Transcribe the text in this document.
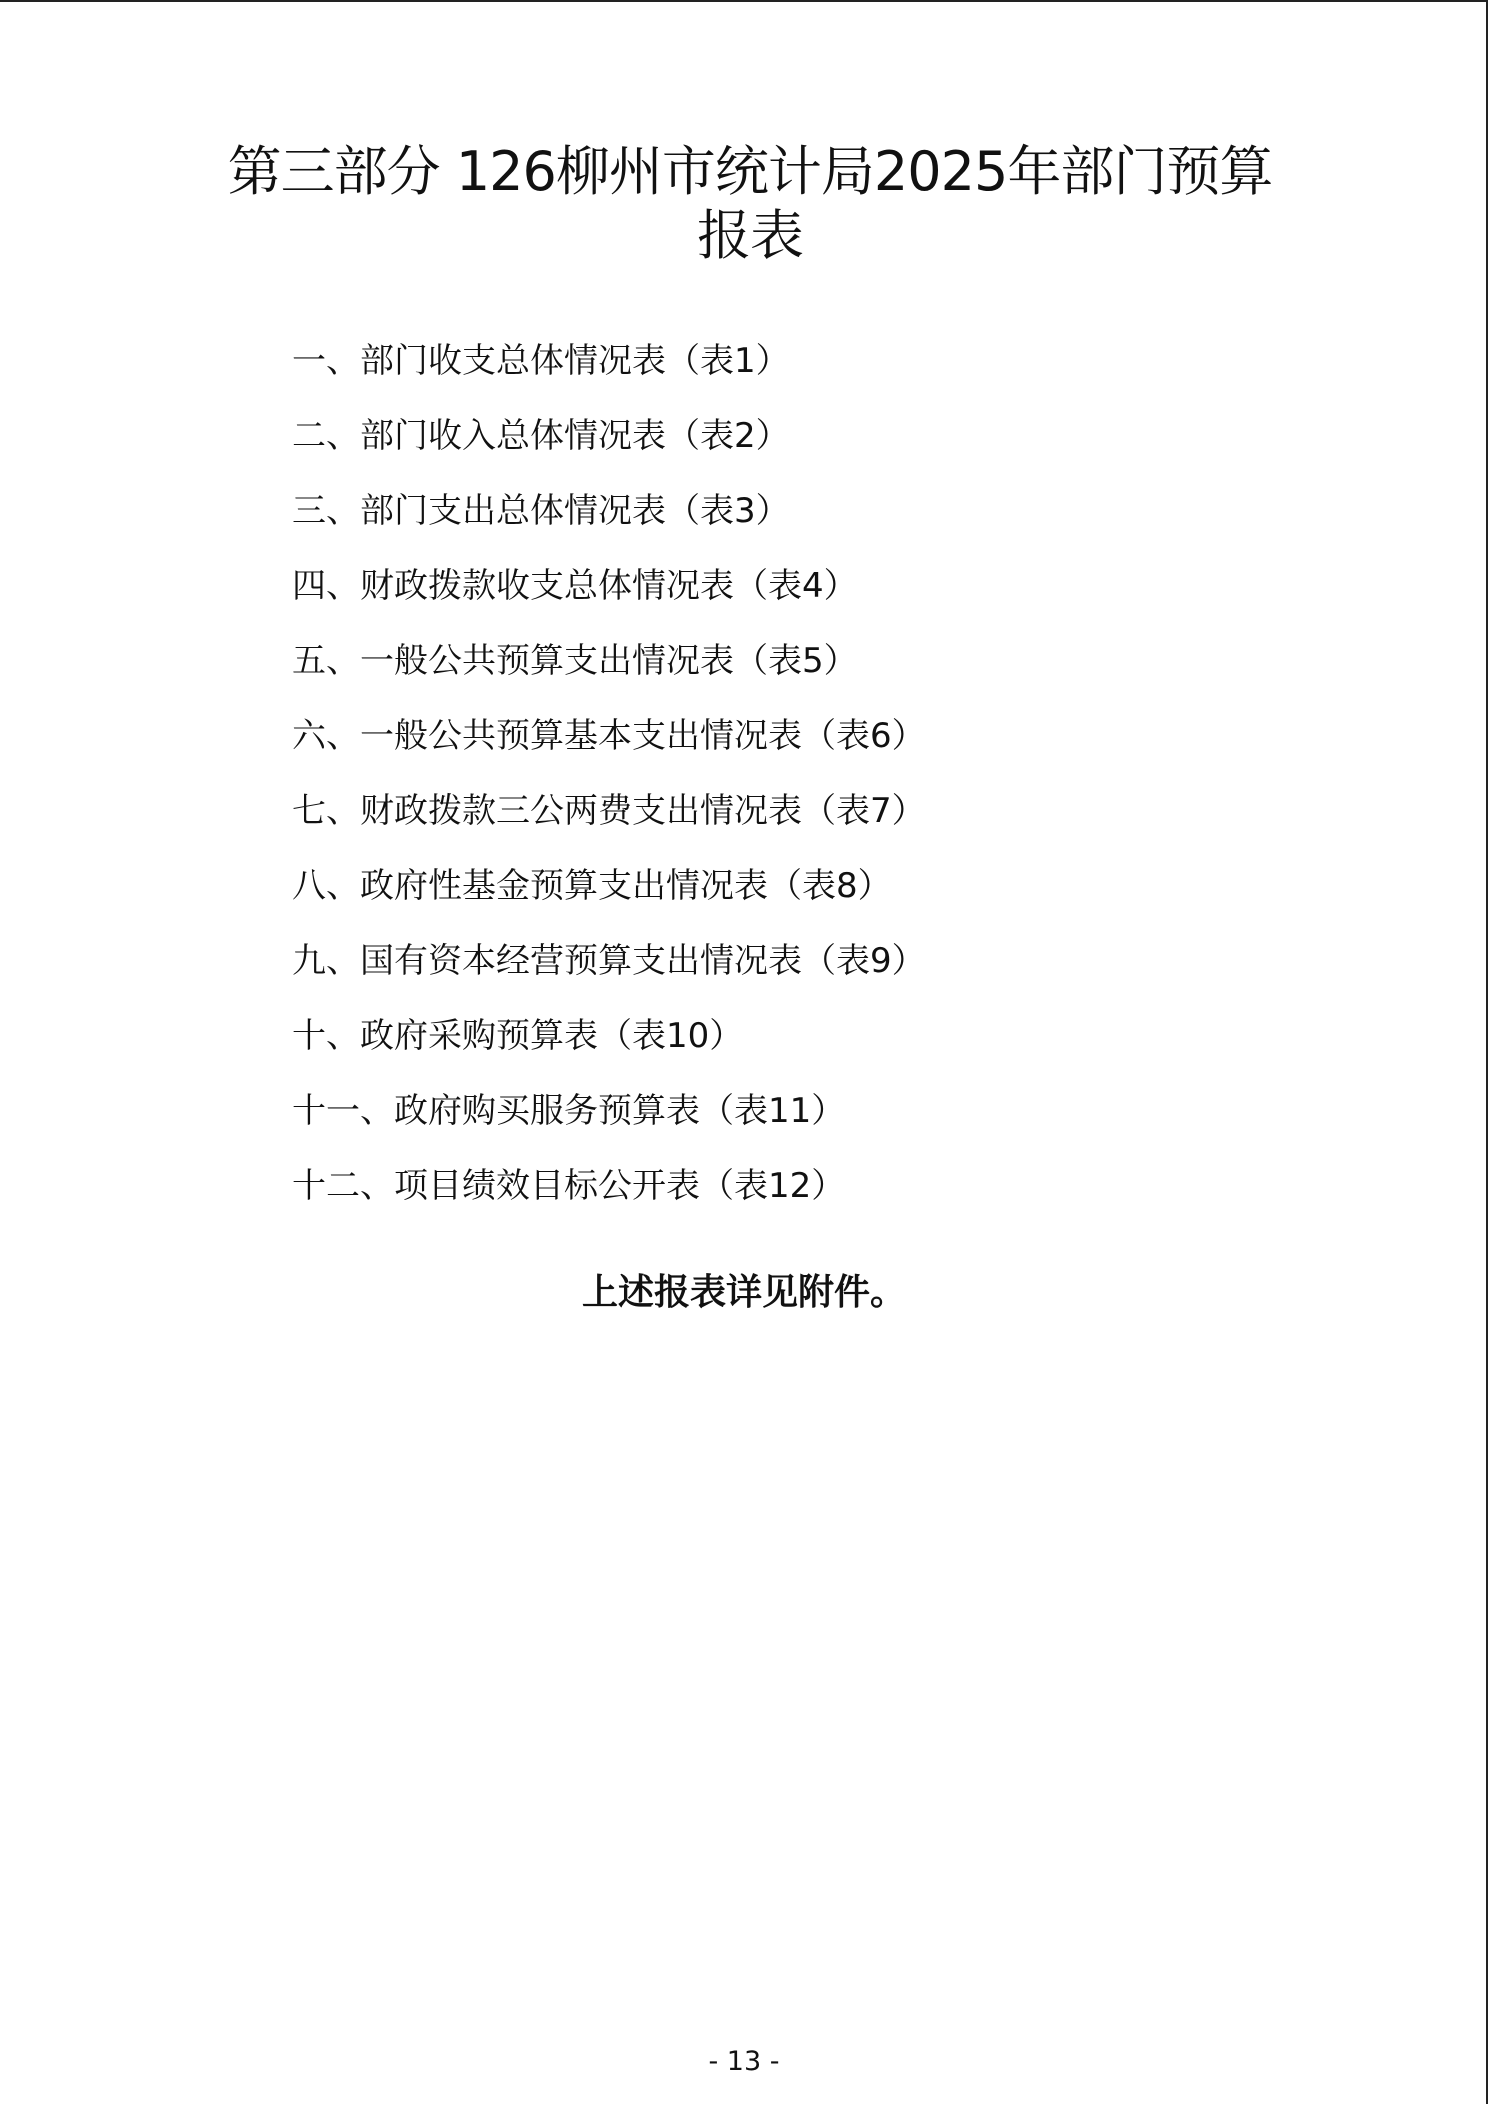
第三部分 126柳州市统计局2025年部门预算
报表
一、部门收支总体情况表（表1）
二、部门收入总体情况表（表2）
三、部门支出总体情况表（表3）
四、财政拨款收支总体情况表（表4）
五、一般公共预算支出情况表（表5）
六、一般公共预算基本支出情况表（表6）
七、财政拨款三公两费支出情况表（表7）
八、政府性基金预算支出情况表（表8）
九、国有资本经营预算支出情况表（表9）
十、政府采购预算表（表10）
十一、政府购买服务预算表（表11）
十二、项目绩效目标公开表（表12）
上述报表详见附件。
- 13 -
